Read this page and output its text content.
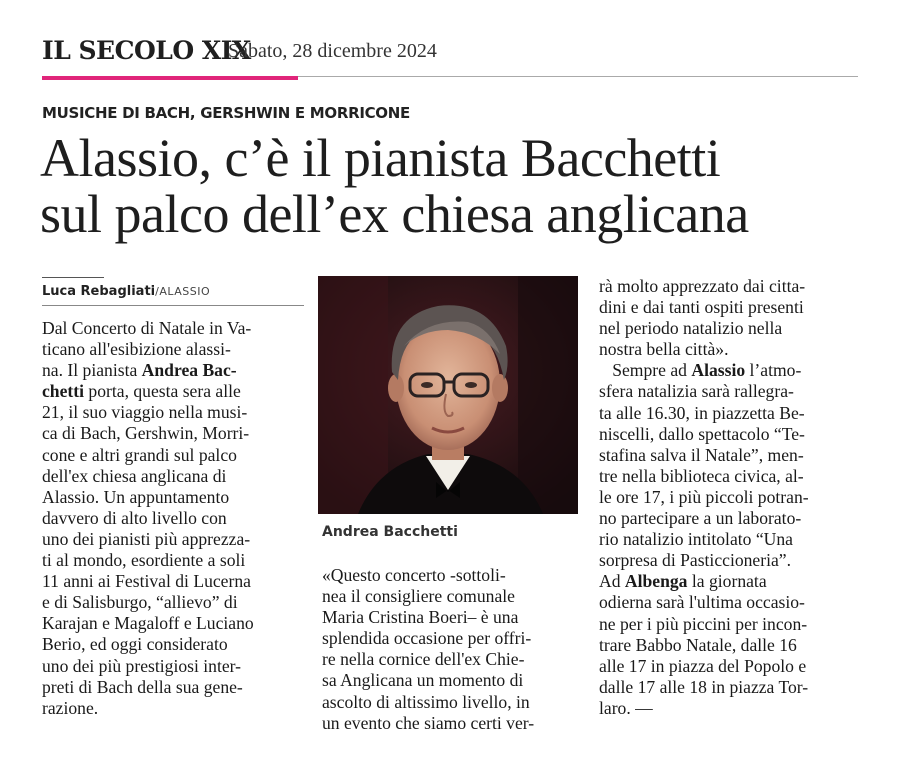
IL SECOLO XIX
Sabato, 28 dicembre 2024
MUSICHE DI BACH, GERSHWIN E MORRICONE
Alassio, c’è il pianista Bacchetti
sul palco dell’ex chiesa anglicana
Luca Rebagliati/ALASSIO
Dal Concerto di Natale in Va-
ticano all'esibizione alassi-
na. Il pianista Andrea Bac-
chetti porta, questa sera alle
21, il suo viaggio nella musi-
ca di Bach, Gershwin, Morri-
cone e altri grandi sul palco
dell'ex chiesa anglicana di
Alassio. Un appuntamento
davvero di alto livello con
uno dei pianisti più apprezza-
ti al mondo, esordiente a soli
11 anni ai Festival di Lucerna
e di Salisburgo, “allievo” di
Karajan e Magaloff e Luciano
Berio, ed oggi considerato
uno dei più prestigiosi inter-
preti di Bach della sua gene-
razione.
Andrea Bacchetti
«Questo concerto -sottoli-
nea il consigliere comunale
Maria Cristina Boeri– è una
splendida occasione per offri-
re nella cornice dell'ex Chie-
sa Anglicana un momento di
ascolto di altissimo livello, in
un evento che siamo certi ver-
rà molto apprezzato dai citta-
dini e dai tanti ospiti presenti
nel periodo natalizio nella
nostra bella città».
Sempre ad Alassio l’atmo-
sfera natalizia sarà rallegra-
ta alle 16.30, in piazzetta Be-
niscelli, dallo spettacolo “Te-
stafina salva il Natale”, men-
tre nella biblioteca civica, al-
le ore 17, i più piccoli potran-
no partecipare a un laborato-
rio natalizio intitolato “Una
sorpresa di Pasticcioneria”.
Ad Albenga la giornata
odierna sarà l'ultima occasio-
ne per i più piccini per incon-
trare Babbo Natale, dalle 16
alle 17 in piazza del Popolo e
dalle 17 alle 18 in piazza Tor-
laro. —
